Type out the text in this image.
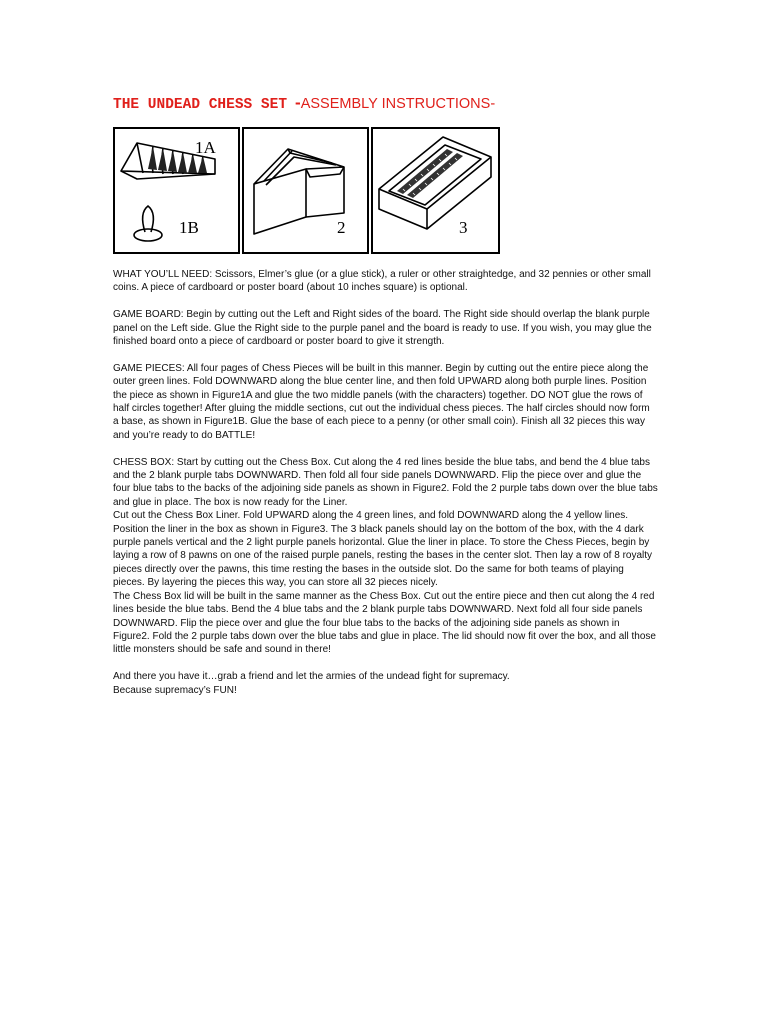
THE UNDEAD CHESS SET -ASSEMBLY INSTRUCTIONS-
1A
1B	2	3

WHAT YOU’LL NEED: Scissors, Elmer’s glue (or a glue stick), a ruler or other straightedge, and 32 pennies or other small coins. A piece of cardboard or poster board (about 10 inches square) is optional.

GAME BOARD: Begin by cutting out the Left and Right sides of the board. The Right side should overlap the blank purple panel on the Left side. Glue the Right side to the purple panel and the board is ready to use. If you wish, you may glue the finished board onto a piece of cardboard or poster board to give it strength.

GAME PIECES: All four pages of Chess Pieces will be built in this manner. Begin by cutting out the entire piece along the outer green lines. Fold DOWNWARD along the blue center line, and then fold UPWARD along both purple lines. Position the piece as shown in Figure1A and glue the two middle panels (with the characters) together. DO NOT glue the rows of half circles together! After gluing the middle sections, cut out the individual chess pieces. The half circles should now form a base, as shown in Figure1B. Glue the base of each piece to a penny (or other small coin). Finish all 32 pieces this way and you’re ready to do BATTLE!

CHESS BOX: Start by cutting out the Chess Box. Cut along the 4 red lines beside the blue tabs, and bend the 4 blue tabs and the 2 blank purple tabs DOWNWARD. Then fold all four side panels DOWNWARD. Flip the piece over and glue the four blue tabs to the backs of the adjoining side panels as shown in Figure2. Fold the 2 purple tabs down over the blue tabs and glue in place. The box is now ready for the Liner.

Cut out the Chess Box Liner. Fold UPWARD along the 4 green lines, and fold DOWNWARD along the 4 yellow lines. Position the liner in the box as shown in Figure3. The 3 black panels should lay on the bottom of the box, with the 4 dark purple panels vertical and the 2 light purple panels horizontal. Glue the liner in place. To store the Chess Pieces, begin by laying a row of 8 pawns on one of the raised purple panels, resting the bases in the center slot. Then lay a row of 8 royalty pieces directly over the pawns, this time resting the bases in the outside slot. Do the same for both teams of playing pieces. By layering the pieces this way, you can store all 32 pieces nicely.

The Chess Box lid will be built in the same manner as the Chess Box. Cut out the entire piece and then cut along the 4 red lines beside the blue tabs. Bend the 4 blue tabs and the 2 blank purple tabs DOWNWARD. Next fold all four side panels DOWNWARD. Flip the piece over and glue the four blue tabs to the backs of the adjoining side panels as shown in Figure2. Fold the 2 purple tabs down over the blue tabs and glue in place. The lid should now fit over the box, and all those little monsters should be safe and sound in there!

And there you have it…grab a friend and let the armies of the undead fight for supremacy.

Because supremacy’s FUN!
